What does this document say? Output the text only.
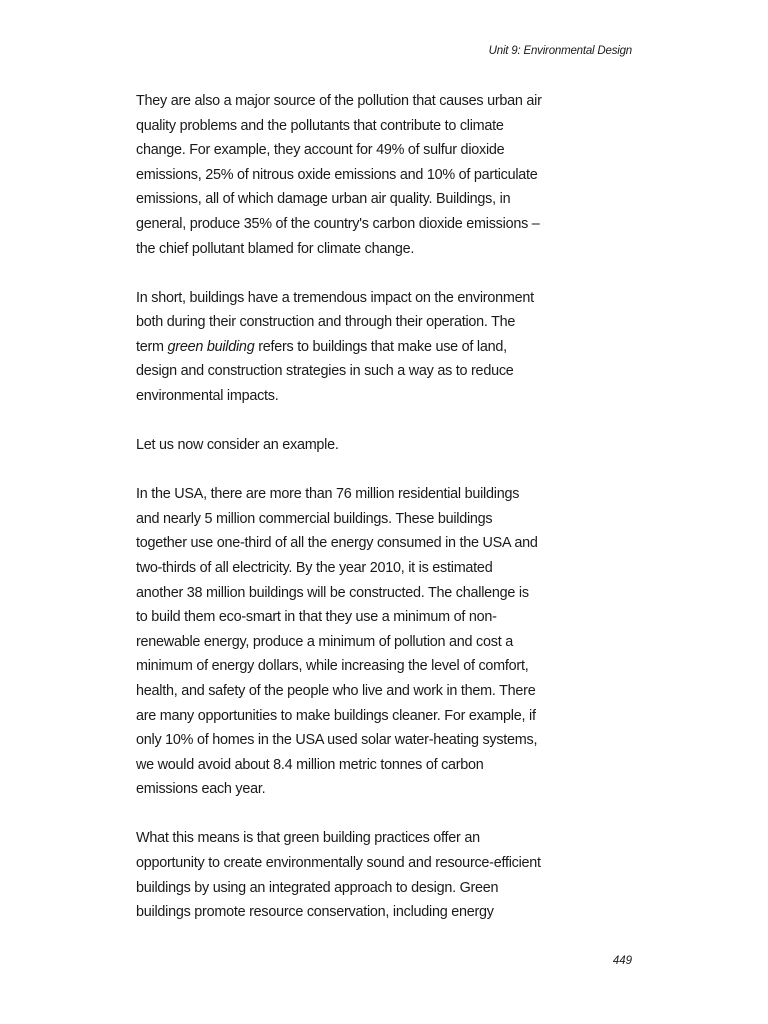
Unit 9: Environmental Design

They are also a major source of the pollution that causes urban air
quality problems and the pollutants that contribute to climate
change. For example, they account for 49% of sulfur dioxide
emissions, 25% of nitrous oxide emissions and 10% of particulate
emissions, all of which damage urban air quality. Buildings, in
general, produce 35% of the country's carbon dioxide emissions –
the chief pollutant blamed for climate change.

In short, buildings have a tremendous impact on the environment
both during their construction and through their operation. The
term green building refers to buildings that make use of land,
design and construction strategies in such a way as to reduce
environmental impacts.

Let us now consider an example.

In the USA, there are more than 76 million residential buildings
and nearly 5 million commercial buildings. These buildings
together use one-third of all the energy consumed in the USA and
two-thirds of all electricity. By the year 2010, it is estimated
another 38 million buildings will be constructed. The challenge is
to build them eco-smart in that they use a minimum of non-
renewable energy, produce a minimum of pollution and cost a
minimum of energy dollars, while increasing the level of comfort,
health, and safety of the people who live and work in them. There
are many opportunities to make buildings cleaner. For example, if
only 10% of homes in the USA used solar water-heating systems,
we would avoid about 8.4 million metric tonnes of carbon
emissions each year.

What this means is that green building practices offer an
opportunity to create environmentally sound and resource-efficient
buildings by using an integrated approach to design. Green
buildings promote resource conservation, including energy

449
